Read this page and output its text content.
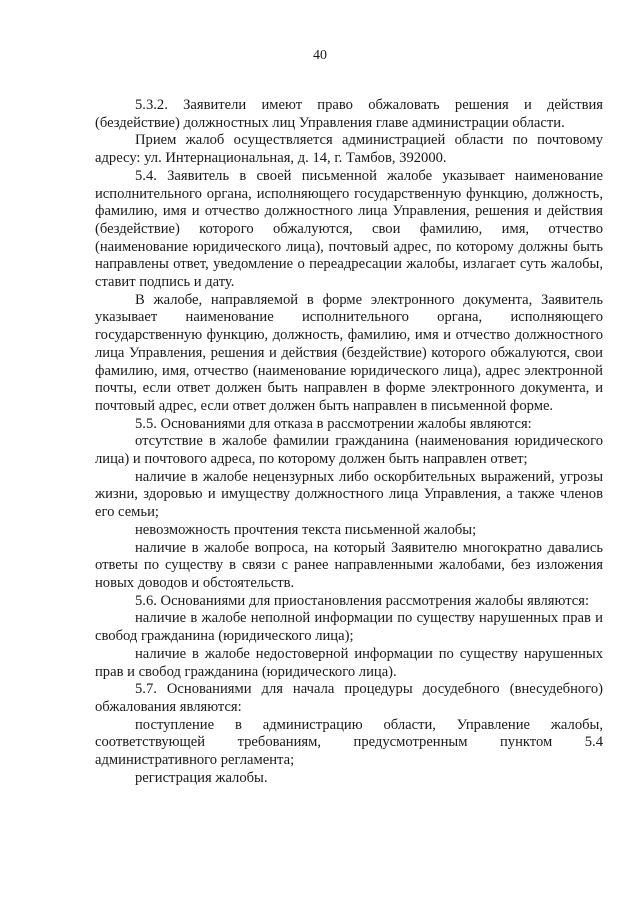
40

5.3.2. Заявители имеют право обжаловать решения и действия (бездействие) должностных лиц Управления главе администрации области.

Прием жалоб осуществляется администрацией области по почтовому адресу: ул. Интернациональная, д. 14, г. Тамбов, 392000.

5.4. Заявитель в своей письменной жалобе указывает наименование исполнительного органа, исполняющего государственную функцию, должность, фамилию, имя и отчество должностного лица Управления, решения и действия (бездействие) которого обжалуются, свои фамилию, имя, отчество (наименование юридического лица), почтовый адрес, по которому должны быть направлены ответ, уведомление о переадресации жалобы, излагает суть жалобы, ставит подпись и дату.

В жалобе, направляемой в форме электронного документа, Заявитель указывает наименование исполнительного органа, исполняющего государственную функцию, должность, фамилию, имя и отчество должностного лица Управления, решения и действия (бездействие) которого обжалуются, свои фамилию, имя, отчество (наименование юридического лица), адрес электронной почты, если ответ должен быть направлен в форме электронного документа, и почтовый адрес, если ответ должен быть направлен в письменной форме.

5.5. Основаниями для отказа в рассмотрении жалобы являются:

отсутствие в жалобе фамилии гражданина (наименования юридического лица) и почтового адреса, по которому должен быть направлен ответ;

наличие в жалобе нецензурных либо оскорбительных выражений, угрозы жизни, здоровью и имуществу должностного лица Управления, а также членов его семьи;

невозможность прочтения текста письменной жалобы;

наличие в жалобе вопроса, на который Заявителю многократно давались ответы по существу в связи с ранее направленными жалобами, без изложения новых доводов и обстоятельств.

5.6. Основаниями для приостановления рассмотрения жалобы являются:

наличие в жалобе неполной информации по существу нарушенных прав и свобод гражданина (юридического лица);

наличие в жалобе недостоверной информации по существу нарушенных прав и свобод гражданина (юридического лица).

5.7. Основаниями для начала процедуры досудебного (внесудебного) обжалования являются:

поступление в администрацию области, Управление жалобы, соответствующей требованиям, предусмотренным пунктом 5.4 административного регламента;

регистрация жалобы.
